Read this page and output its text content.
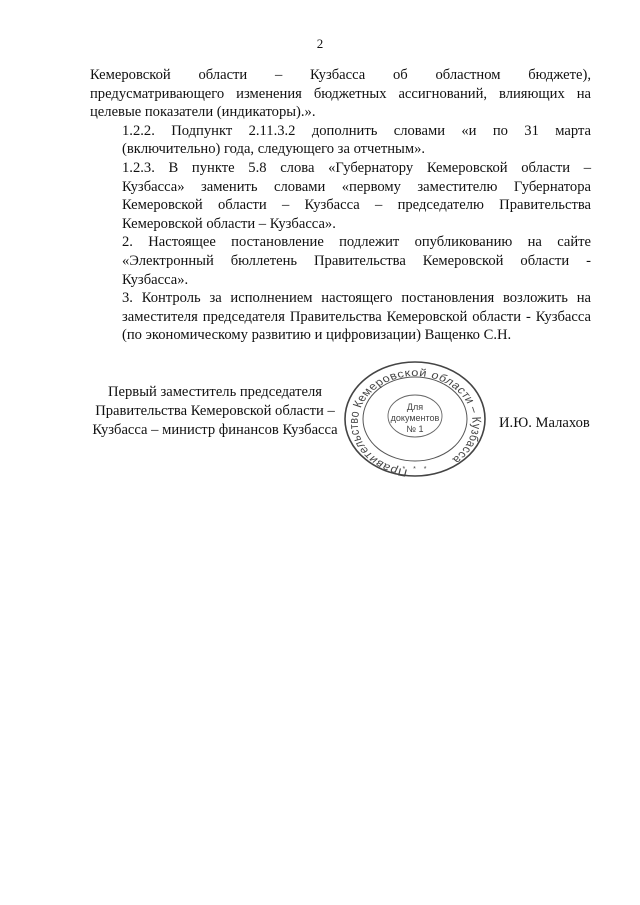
2

Кемеровской области – Кузбасса об областном бюджете),
предусматривающего изменения бюджетных ассигнований, влияющих на
целевые показатели (индикаторы).».

1.2.2. Подпункт 2.11.3.2 дополнить словами «и по 31 марта
(включительно) года, следующего за отчетным».

1.2.3. В пункте 5.8 слова «Губернатору Кемеровской области –
Кузбасса» заменить словами «первому заместителю Губернатора
Кемеровской области – Кузбасса – председателю Правительства
Кемеровской области – Кузбасса».

2. Настоящее постановление подлежит опубликованию на сайте
«Электронный бюллетень Правительства Кемеровской области -
Кузбасса».

3. Контроль за исполнением настоящего постановления возложить на
заместителя председателя Правительства Кемеровской области - Кузбасса
(по экономическому развитию и цифровизации) Ващенко С.Н.

Первый заместитель председателя
Правительства Кемеровской области –
Кузбасса – министр финансов Кузбасса
Правительство Кемеровской области – Кузбасса
Для
документов
№ 1
* * *
И.Ю. Малахов
